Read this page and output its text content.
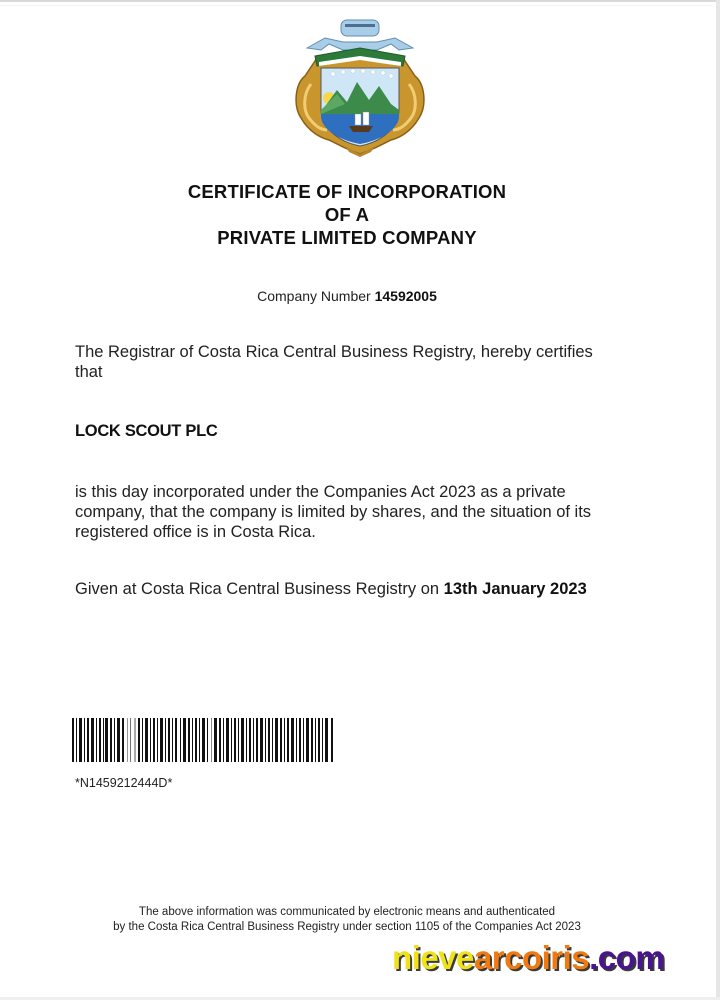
CERTIFICATE OF INCORPORATION
OF A
PRIVATE LIMITED COMPANY
Company Number 14592005
The Registrar of Costa Rica Central Business Registry, hereby certifies
that
LOCK SCOUT PLC
is this day incorporated under the Companies Act 2023 as a private
company, that the company is limited by shares, and the situation of its
registered office is in Costa Rica.
Given at Costa Rica Central Business Registry on 13th January 2023
*N1459212444D*
The above information was communicated by electronic means and authenticated
by the Costa Rica Central Business Registry under section 1105 of the Companies Act 2023
nievearcoiris.com
